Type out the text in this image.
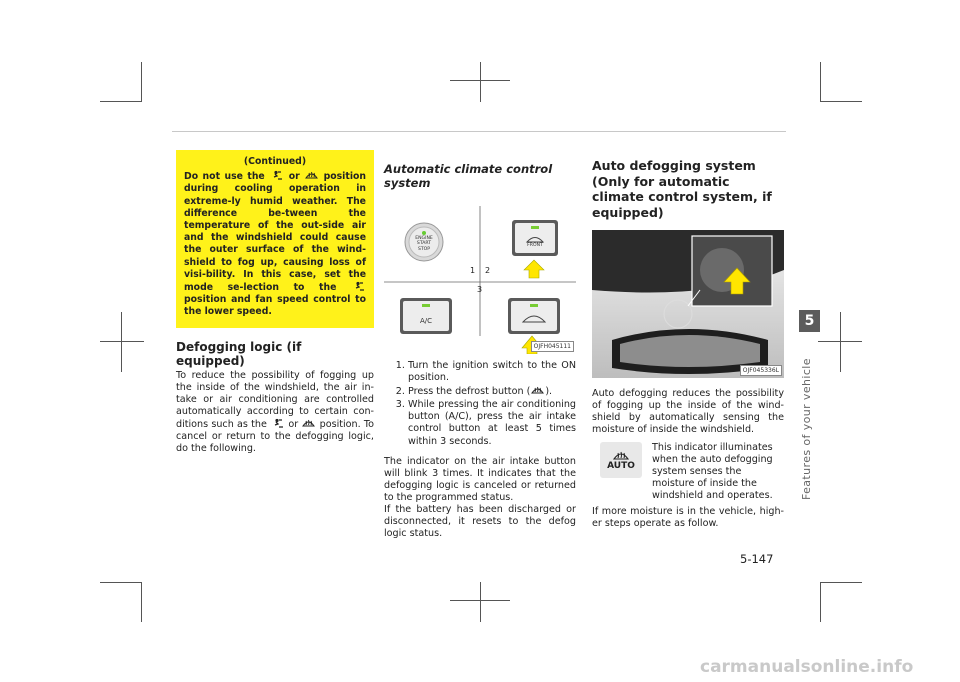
(Continued)
Do not use the	or	position during cooling operation in extreme-ly humid weather. The difference be-tween the temperature of the out-side air and the windshield could cause the outer surface of the wind-shield to fog up, causing loss of visi-bility. In this case, set the mode se-lection to the  position and fan speed control to the lower speed.
Defogging logic (if equipped)

To reduce the possibility of fogging up the inside of the windshield, the air in-take or air conditioning are controlled automatically according to certain con-ditions such as the or position. To cancel or return to the defogging logic, do the following.

Automatic climate control system
ENGINE
START
STOP
FRONT
A/C
1 2
3
OJFH045111
1. Turn the ignition switch to the ON position.
2. Press the defrost button ( ).
3. While pressing the air conditioning button (A/C), press the air intake control button at least 5 times within 3 seconds.

The indicator on the air intake button will blink 3 times. It indicates that the defogging logic is canceled or returned to the programmed status.

If the battery has been discharged or disconnected, it resets to the defog logic status.

Auto defogging system (Only for automatic climate control system, if equipped)
OJF045336L

Auto defogging reduces the possibility of fogging up the inside of the wind-shield by automatically sensing the moisture of inside the windshield.

AUTO
This indicator illuminates when the auto defogging system senses the moisture of inside the windshield and operates.

If more moisture is in the vehicle, high-er steps operate as follow.

5
Features of your vehicle
5-147
carmanualsonline.info
